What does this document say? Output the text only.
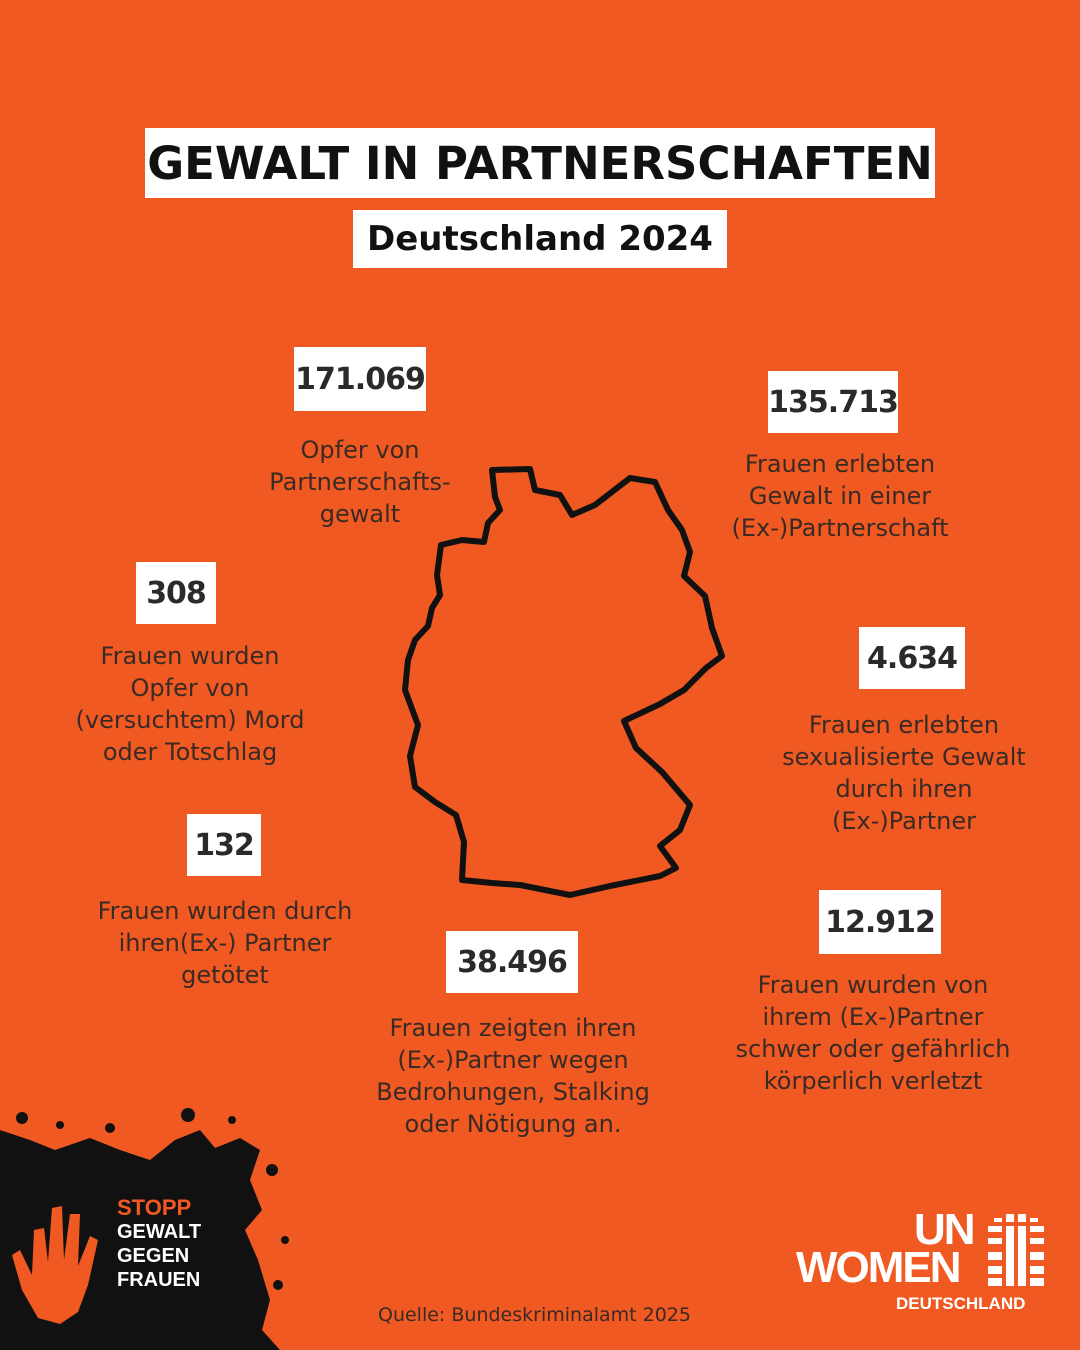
GEWALT IN PARTNERSCHAFTEN
Deutschland 2024
171.069
Opfer von
Partnerschafts-
gewalt
135.713
Frauen erlebten
Gewalt in einer
(Ex-)Partnerschaft
308
Frauen wurden
Opfer von
(versuchtem) Mord
oder Totschlag
4.634
Frauen erlebten
sexualisierte Gewalt
durch ihren
(Ex-)Partner
132
Frauen wurden durch
ihren(Ex-) Partner
getötet
12.912
Frauen wurden von
ihrem (Ex-)Partner
schwer oder gefährlich
körperlich verletzt
38.496
Frauen zeigten ihren
(Ex-)Partner wegen
Bedrohungen, Stalking
oder Nötigung an.
STOPP
GEWALT
GEGEN
FRAUEN
UN
WOMEN
DEUTSCHLAND
Quelle: Bundeskriminalamt 2025
